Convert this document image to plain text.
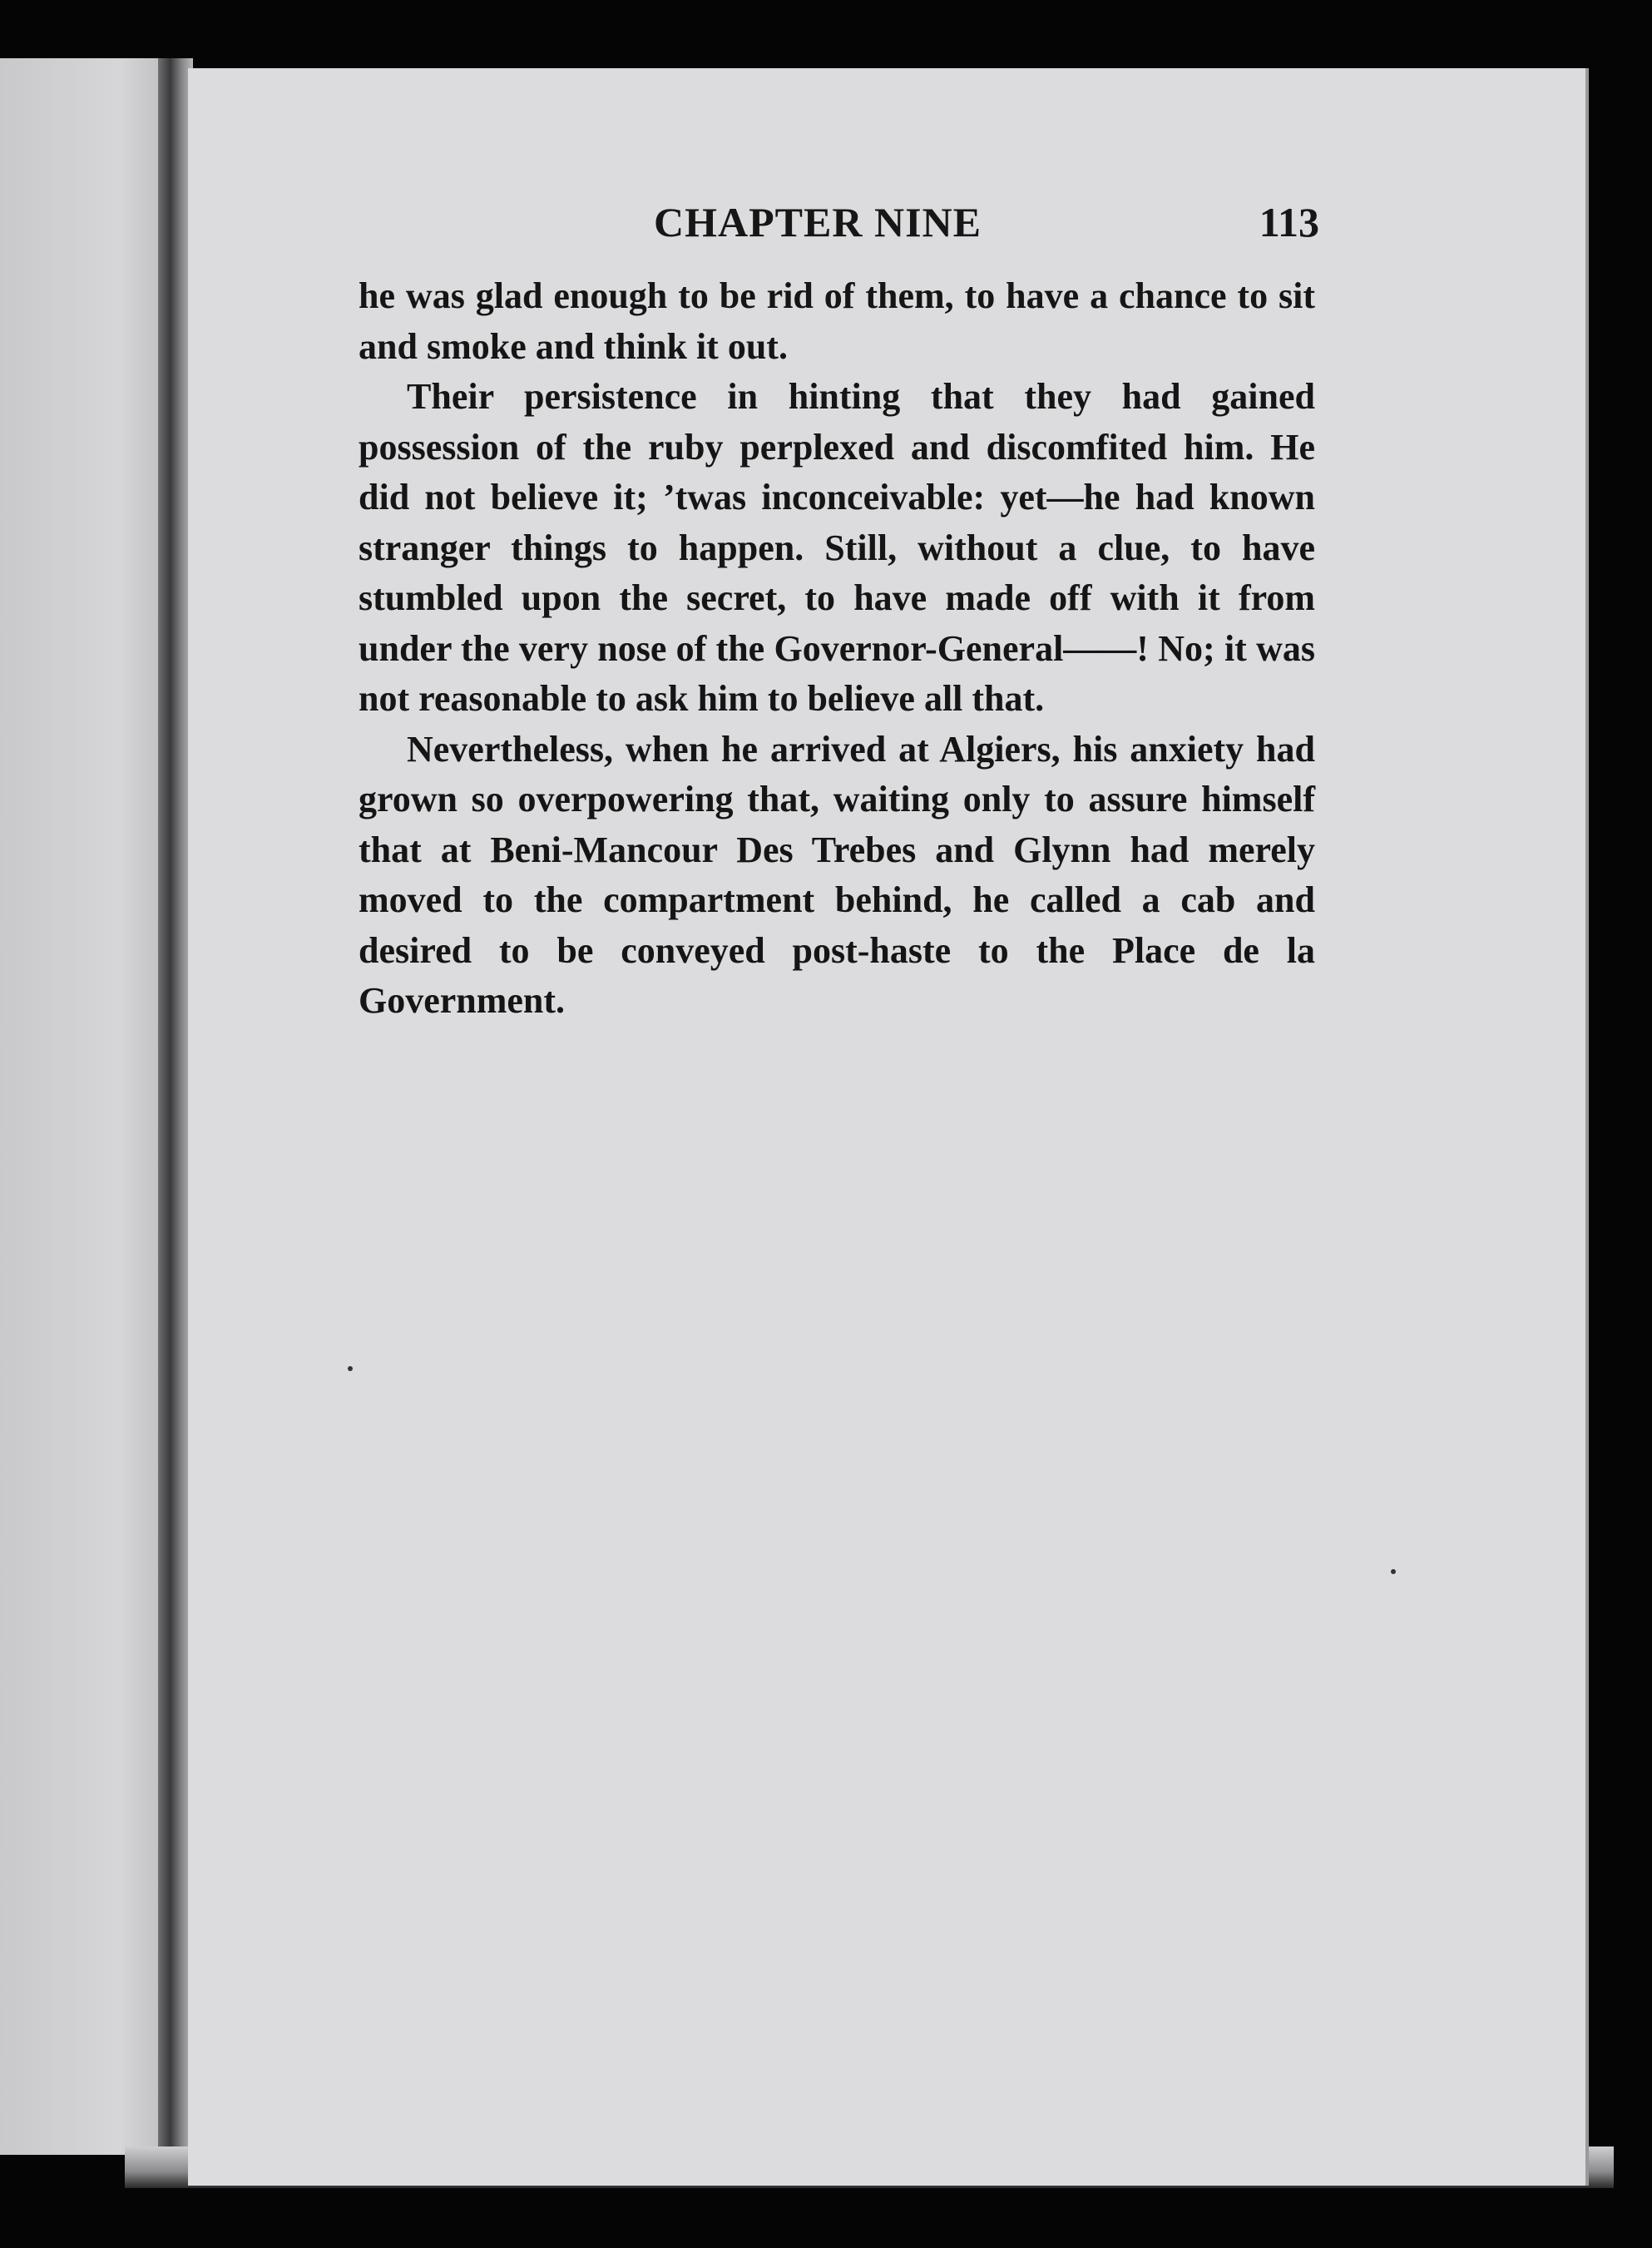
CHAPTER NINE	113

he was glad enough to be rid of them, to have a chance to sit and smoke and think it out.

Their persistence in hinting that they had gained possession of the ruby perplexed and discomfited him. He did not believe it; ’twas inconceivable: yet—he had known stranger things to happen. Still, without a clue, to have stumbled upon the secret, to have made off with it from under the very nose of the Governor-General——! No; it was not reasonable to ask him to believe all that.

Nevertheless, when he arrived at Algiers, his anxiety had grown so overpowering that, waiting only to assure himself that at Beni-Mancour Des Trebes and Glynn had merely moved to the compartment behind, he called a cab and desired to be conveyed post-haste to the Place de la Government.
